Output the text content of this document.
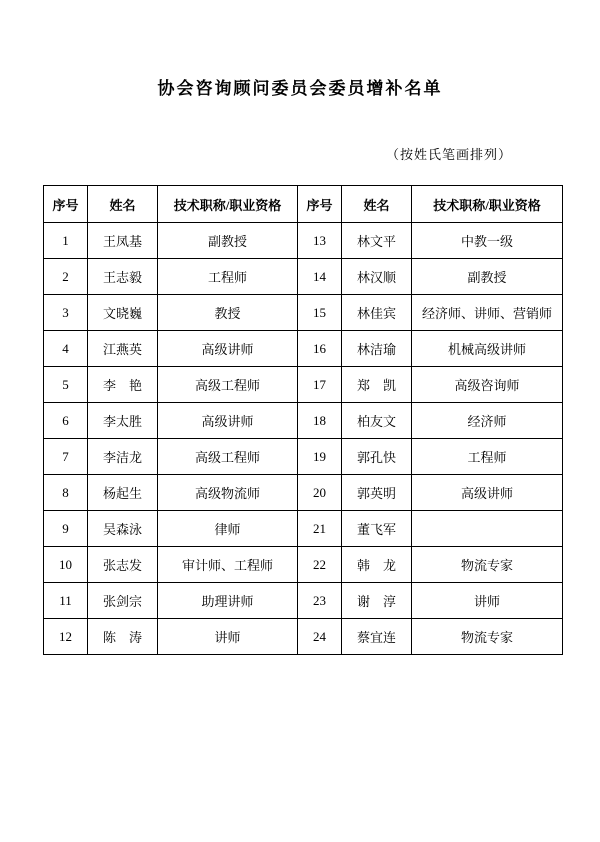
协会咨询顾问委员会委员增补名单
（按姓氏笔画排列）
序号	姓名	技术职称/职业资格	序号	姓名	技术职称/职业资格
1	王凤基	副教授	13	林文平	中教一级
2	王志毅	工程师	14	林汉顺	副教授
3	文晓巍	教授	15	林佳宾	经济师、讲师、营销师
4	江燕英	高级讲师	16	林洁瑜	机械高级讲师
5	李　艳	高级工程师	17	郑　凯	高级咨询师
6	李太胜	高级讲师	18	柏友文	经济师
7	李洁龙	高级工程师	19	郭孔快	工程师
8	杨起生	高级物流师	20	郭英明	高级讲师
9	吴森泳	律师	21	董飞军	
10	张志发	审计师、工程师	22	韩　龙	物流专家
11	张剑宗	助理讲师	23	谢　淳	讲师
12	陈　涛	讲师	24	蔡宜连	物流专家
